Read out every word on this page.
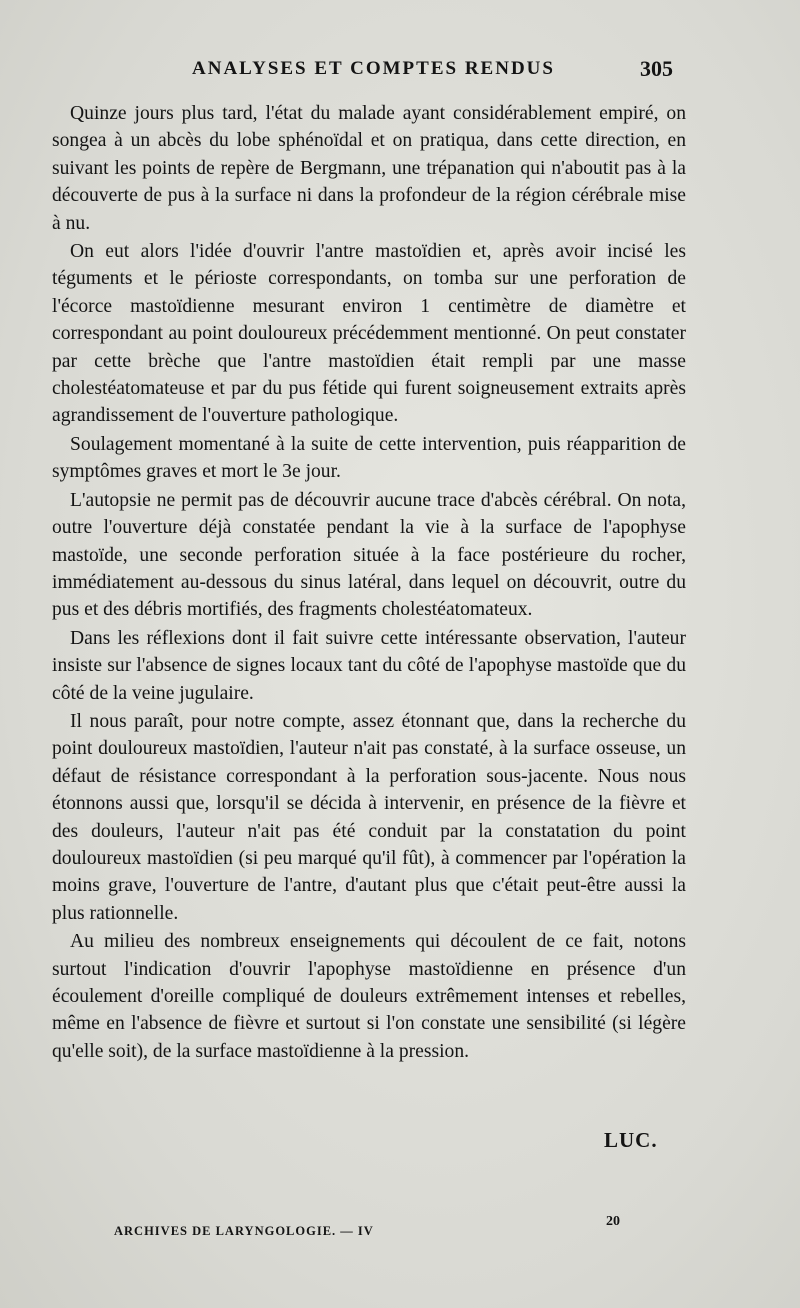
ANALYSES ET COMPTES RENDUS	305

Quinze jours plus tard, l'état du malade ayant considérablement empiré, on songea à un abcès du lobe sphénoïdal et on pratiqua, dans cette direction, en suivant les points de repère de Bergmann, une trépanation qui n'aboutit pas à la découverte de pus à la surface ni dans la profondeur de la région cérébrale mise à nu.

On eut alors l'idée d'ouvrir l'antre mastoïdien et, après avoir incisé les téguments et le périoste correspondants, on tomba sur une perforation de l'écorce mastoïdienne mesurant environ 1 centimètre de diamètre et correspondant au point douloureux précédemment mentionné. On peut constater par cette brèche que l'antre mastoïdien était rempli par une masse cholestéatomateuse et par du pus fétide qui furent soigneusement extraits après agrandissement de l'ouverture pathologique.

Soulagement momentané à la suite de cette intervention, puis réapparition de symptômes graves et mort le 3e jour.

L'autopsie ne permit pas de découvrir aucune trace d'abcès cérébral. On nota, outre l'ouverture déjà constatée pendant la vie à la surface de l'apophyse mastoïde, une seconde perforation située à la face postérieure du rocher, immédiatement au-dessous du sinus latéral, dans lequel on découvrit, outre du pus et des débris mortifiés, des fragments cholestéatomateux.

Dans les réflexions dont il fait suivre cette intéressante observation, l'auteur insiste sur l'absence de signes locaux tant du côté de l'apophyse mastoïde que du côté de la veine jugulaire.

Il nous paraît, pour notre compte, assez étonnant que, dans la recherche du point douloureux mastoïdien, l'auteur n'ait pas constaté, à la surface osseuse, un défaut de résistance correspondant à la perforation sous-jacente. Nous nous étonnons aussi que, lorsqu'il se décida à intervenir, en présence de la fièvre et des douleurs, l'auteur n'ait pas été conduit par la constatation du point douloureux mastoïdien (si peu marqué qu'il fût), à commencer par l'opération la moins grave, l'ouverture de l'antre, d'autant plus que c'était peut-être aussi la plus rationnelle.

Au milieu des nombreux enseignements qui découlent de ce fait, notons surtout l'indication d'ouvrir l'apophyse mastoïdienne en présence d'un écoulement d'oreille compliqué de douleurs extrêmement intenses et rebelles, même en l'absence de fièvre et surtout si l'on constate une sensibilité (si légère qu'elle soit), de la surface mastoïdienne à la pression.

LUC.
ARCHIVES DE LARYNGOLOGIE. — IV
20
